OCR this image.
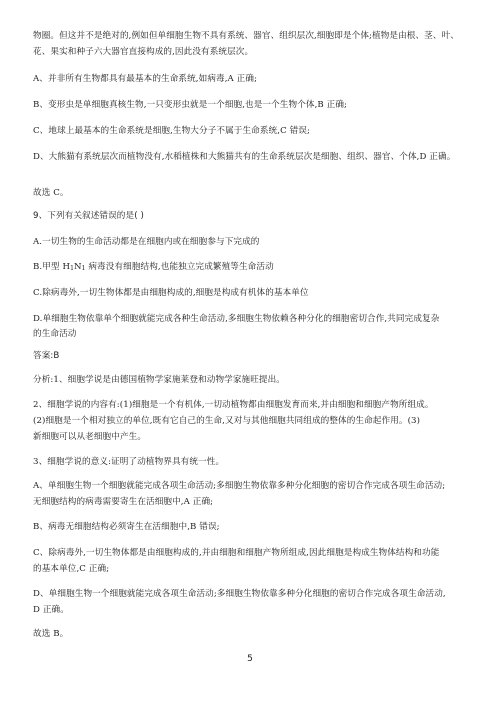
物圈。但这并不是绝对的,例如但单细胞生物不具有系统、器官、组织层次,细胞即是个体;植物是由根、茎、叶、
花、果实和种子六大器官直接构成的,因此没有系统层次。
A、并非所有生物都具有最基本的生命系统,如病毒,A 正确;
B、变形虫是单细胞真核生物,一只变形虫就是一个细胞,也是一个生物个体,B 正确;
C、地球上最基本的生命系统是细胞,生物大分子不属于生命系统,C 错误;
D、大熊猫有系统层次而植物没有,水稻植株和大熊猫共有的生命系统层次是细胞、组织、器官、个体,D 正确。
故选 C。
9、下列有关叙述错误的是( )
A.一切生物的生命活动都是在细胞内或在细胞参与下完成的
B.甲型 $H_1N_1$ 病毒没有细胞结构,也能独立完成繁殖等生命活动
C.除病毒外,一切生物体都是由细胞构成的,细胞是构成有机体的基本单位
D.单细胞生物依靠单个细胞就能完成各种生命活动,多细胞生物依赖各种分化的细胞密切合作,共同完成复杂
的生命活动
答案:B
分析:1、细胞学说是由德国植物学家施莱登和动物学家施旺提出。
2、细胞学说的内容有:(1)细胞是一个有机体,一切动植物都由细胞发育而来,并由细胞和细胞产物所组成。
(2)细胞是一个相对独立的单位,既有它自己的生命,又对与其他细胞共同组成的整体的生命起作用。(3)
新细胞可以从老细胞中产生。
3、细胞学说的意义:证明了动植物界具有统一性。
A、单细胞生物一个细胞就能完成各项生命活动;多细胞生物依靠多种分化细胞的密切合作完成各项生命活动;
无细胞结构的病毒需要寄生在活细胞中,A 正确;
B、病毒无细胞结构必须寄生在活细胞中,B 错误;
C、除病毒外,一切生物体都是由细胞构成的,并由细胞和细胞产物所组成,因此细胞是构成生物体结构和功能
的基本单位,C 正确;
D、单细胞生物一个细胞就能完成各项生命活动;多细胞生物依靠多种分化细胞的密切合作完成各项生命活动,
D 正确。
故选 B。
5
